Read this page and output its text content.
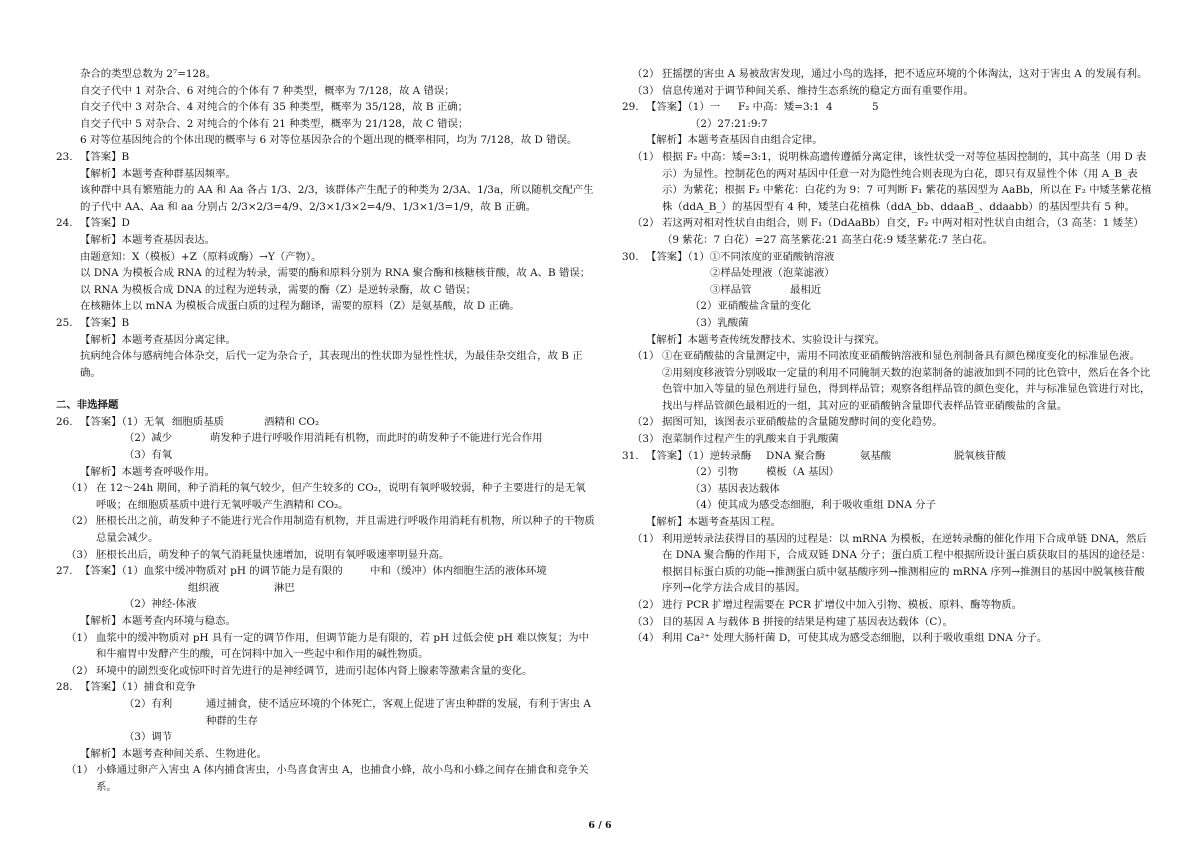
杂合的类型总数为 2⁷=128。
自交子代中 1 对杂合、6 对纯合的个体有 7 种类型，概率为 7/128，故 A 错误；
自交子代中 3 对杂合、4 对纯合的个体有 35 种类型，概率为 35/128，故 B 正确；
自交子代中 5 对杂合、2 对纯合的个体有 21 种类型，概率为 21/128，故 C 错误；
6 对等位基因纯合的个体出现的概率与 6 对等位基因杂合的个题出现的概率相同，均为 7/128，故 D 错误。
23. 【答案】B
【解析】本题考查种群基因频率。
该种群中具有繁殖能力的 AA 和 Aa 各占 1/3、2/3，该群体产生配子的种类为 2/3A、1/3a，所以随机交配产生的子代中 AA、Aa 和 aa 分别占 2/3×2/3=4/9、2/3×1/3×2=4/9、1/3×1/3=1/9，故 B 正确。
24. 【答案】D
【解析】本题考查基因表达。
由题意知：X（模板）+Z（原料或酶）→Y（产物）。
以 DNA 为模板合成 RNA 的过程为转录，需要的酶和原料分别为 RNA 聚合酶和核糖核苷酸，故 A、B 错误；
以 RNA 为模板合成 DNA 的过程为逆转录，需要的酶（Z）是逆转录酶，故 C 错误；
在核糖体上以 mNA 为模板合成蛋白质的过程为翻译，需要的原料（Z）是氨基酸，故 D 正确。
25. 【答案】B
【解析】本题考查基因分离定律。
抗病纯合体与感病纯合体杂交，后代一定为杂合子，其表现出的性状即为显性性状，为最佳杂交组合，故 B 正确。
二、非选择题
26. 【答案】（1）无氧 细胞质基质	酒精和 CO₂
（2）减少	萌发种子进行呼吸作用消耗有机物，而此时的萌发种子不能进行光合作用
（3）有氧
【解析】本题考查呼吸作用。
（1） 在 12～24h 期间，种子消耗的氧气较少，但产生较多的 CO₂，说明有氧呼吸较弱，种子主要进行的是无氧呼吸；在细胞质基质中进行无氧呼吸产生酒精和 CO₂。
（2） 胚根长出之前，萌发种子不能进行光合作用制造有机物，并且需进行呼吸作用消耗有机物，所以种子的干物质总量会减少。
（3） 胚根长出后，萌发种子的氧气消耗量快速增加，说明有氧呼吸速率明显升高。
27. 【答案】（1）血浆中缓冲物质对 pH 的调节能力是有限的	中和（缓冲）体内细胞生活的液体环境
组织液	淋巴
（2）神经-体液
【解析】本题考查内环境与稳态。
（1） 血浆中的缓冲物质对 pH 具有一定的调节作用，但调节能力是有限的，若 pH 过低会使 pH 难以恢复；为中和牛瘤胃中发酵产生的酸，可在饲料中加入一些起中和作用的碱性物质。
（2） 环境中的剧烈变化或惊吓时首先进行的是神经调节，进而引起体内肾上腺素等激素含量的变化。
28. 【答案】（1）捕食和竞争
（2）有利	通过捕食，使不适应环境的个体死亡，客观上促进了害虫种群的发展，有利于害虫 A 种群的生存
（3）调节
【解析】本题考查种间关系、生物进化。
（1） 小蜂通过卵产入害虫 A 体内捕食害虫，小鸟喜食害虫 A，也捕食小蜂，故小鸟和小蜂之间存在捕食和竞争关系。
（2） 狂摇摆的害虫 A 易被敌害发现，通过小鸟的选择，把不适应环境的个体淘汰，这对于害虫 A 的发展有利。
（3） 信息传递对于调节种间关系、维持生态系统的稳定方面有重要作用。
29. 【答案】（1）一 F₂ 中高：矮=3:1 4	5
（2）27:21:9:7
【解析】本题考查基因自由组合定律。
（1） 根据 F₂ 中高：矮=3:1，说明株高遗传遵循分离定律，该性状受一对等位基因控制的，其中高茎（用 D 表示）为显性。控制花色的两对基因中任意一对为隐性纯合则表现为白花，即只有双显性个体（用 A_B_表示）为紫花；根据 F₂ 中紫花：白花约为 9：7 可判断 F₁ 紫花的基因型为 AaBb，所以在 F₂ 中矮茎紫花植株（ddA_B_）的基因型有 4 种，矮茎白花植株（ddA_bb、ddaaB_、ddaabb）的基因型共有 5 种。
（2） 若这两对相对性状自由组合，则 F₁（DdAaBb）自交，F₂ 中两对相对性状自由组合，（3 高茎：1 矮茎）（9 紫花：7 白花）=27 高茎紫花:21 高茎白花:9 矮茎紫花:7 茎白花。
30. 【答案】（1）①不同浓度的亚硝酸钠溶液
②样品处理液（泡菜滤液）
③样品管	最相近
（2）亚硝酸盐含量的变化
（3）乳酸菌
【解析】本题考查传统发酵技术、实验设计与探究。
（1） ①在亚硝酸盐的含量测定中，需用不同浓度亚硝酸钠溶液和显色剂制备具有颜色梯度变化的标准显色液。
②用刻度移液管分别吸取一定量的利用不同腌制天数的泡菜制备的滤液加到不同的比色管中，然后在各个比色管中加入等量的显色剂进行显色，得到样品管；观察各组样品管的颜色变化，并与标准显色管进行对比，找出与样品管颜色最相近的一组，其对应的亚硝酸钠含量即代表样品管亚硝酸盐的含量。
（2） 据图可知，该图表示亚硝酸盐的含量随发酵时间的变化趋势。
（3） 泡菜制作过程产生的乳酸来自于乳酸菌
31. 【答案】（1）逆转录酶 DNA 聚合酶	氨基酸	脱氧核苷酸
（2）引物	模板（A 基因）
（3）基因表达载体
（4）使其成为感受态细胞，利于吸收重组 DNA 分子
【解析】本题考查基因工程。
（1） 利用逆转录法获得目的基因的过程是：以 mRNA 为模板，在逆转录酶的催化作用下合成单链 DNA，然后在 DNA 聚合酶的作用下，合成双链 DNA 分子；蛋白质工程中根据所设计蛋白质获取目的基因的途径是：根据目标蛋白质的功能→推测蛋白质中氨基酸序列→推测相应的 mRNA 序列→推测目的基因中脱氧核苷酸序列→化学方法合成目的基因。
（2） 进行 PCR 扩增过程需要在 PCR 扩增仪中加入引物、模板、原料、酶等物质。
（3） 目的基因 A 与载体 B 拼接的结果是构建了基因表达载体（C）。
（4） 利用 Ca²⁺ 处理大肠杆菌 D，可使其成为感受态细胞，以利于吸收重组 DNA 分子。
6 / 6
